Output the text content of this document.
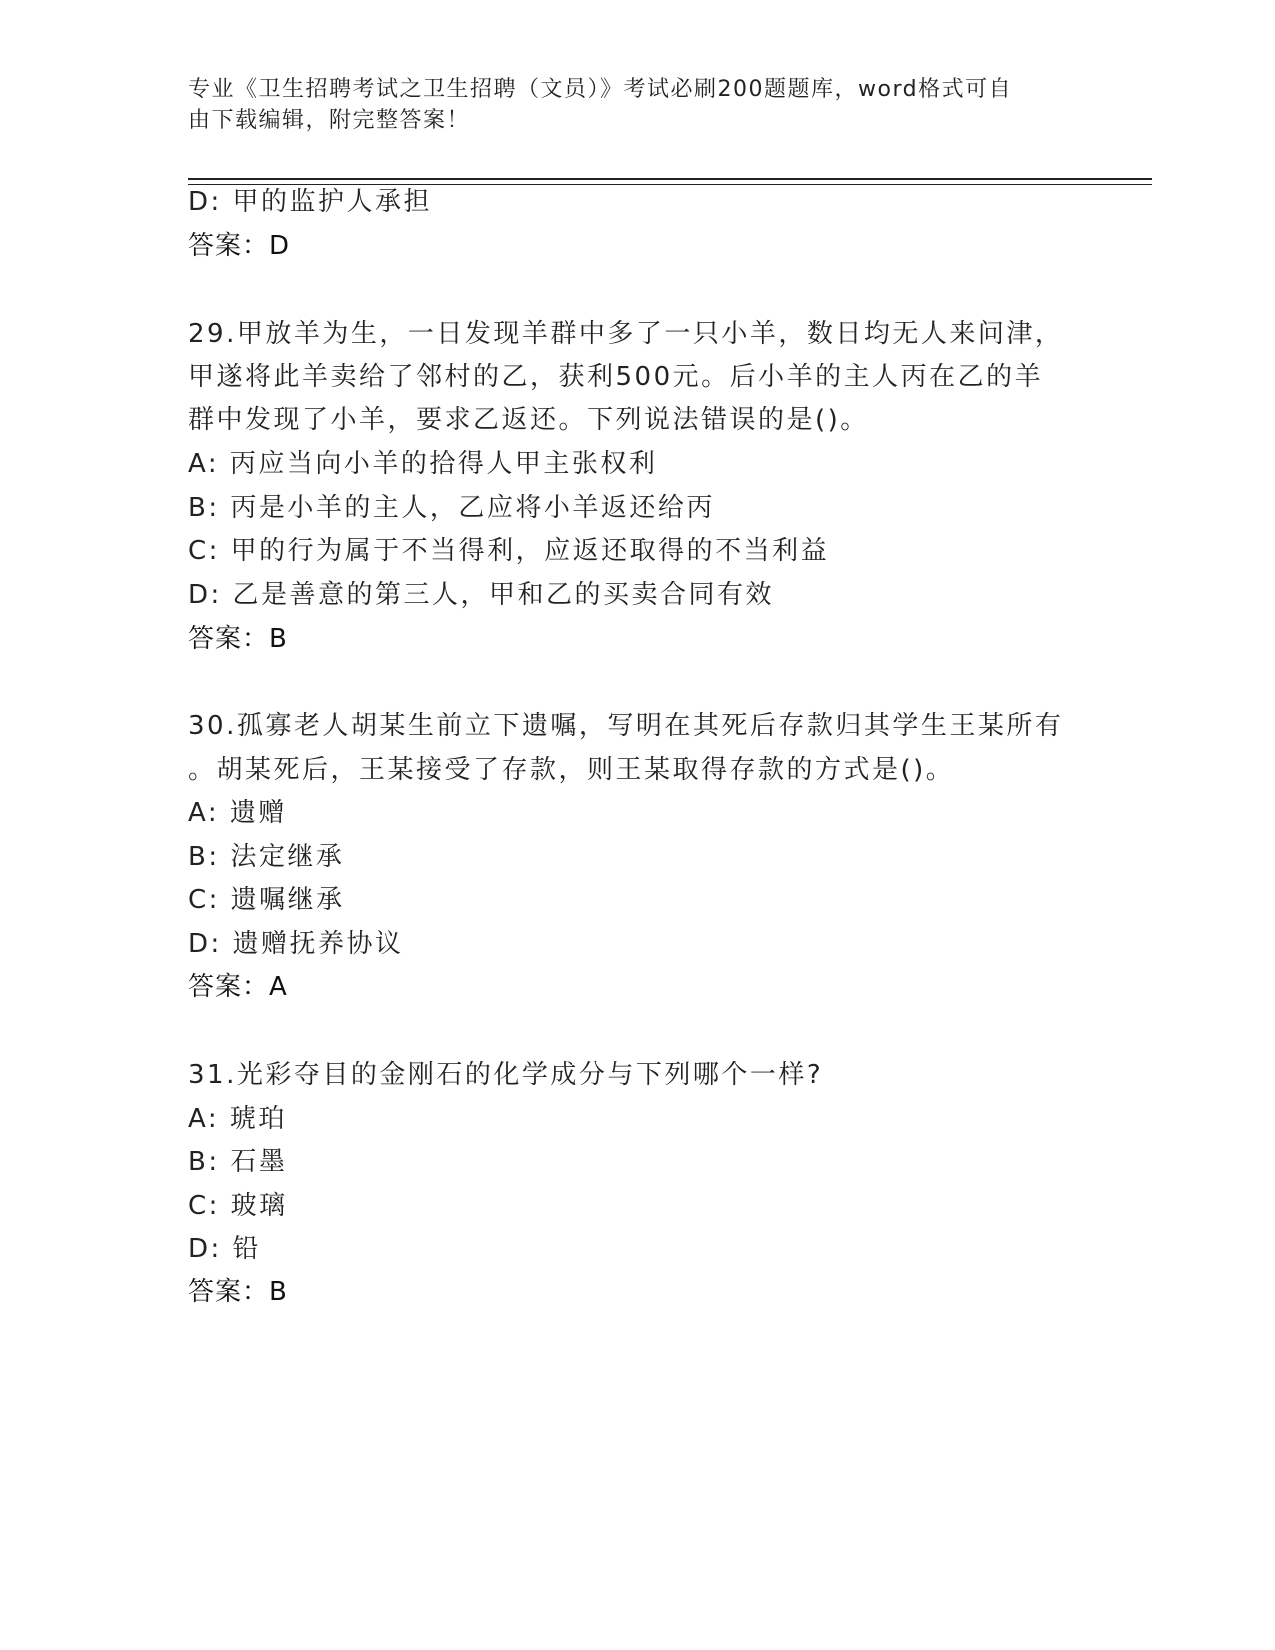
专业《卫生招聘考试之卫生招聘（文员）》考试必刷200题题库，word格式可自
由下载编辑，附完整答案！
D: 甲的监护人承担
答案：D
29.甲放羊为生，一日发现羊群中多了一只小羊，数日均无人来问津，
甲遂将此羊卖给了邻村的乙，获利500元。后小羊的主人丙在乙的羊
群中发现了小羊，要求乙返还。下列说法错误的是()。
A: 丙应当向小羊的拾得人甲主张权利
B: 丙是小羊的主人，乙应将小羊返还给丙
C: 甲的行为属于不当得利，应返还取得的不当利益
D: 乙是善意的第三人，甲和乙的买卖合同有效
答案：B
30.孤寡老人胡某生前立下遗嘱，写明在其死后存款归其学生王某所有
。胡某死后，王某接受了存款，则王某取得存款的方式是()。
A: 遗赠
B: 法定继承
C: 遗嘱继承
D: 遗赠抚养协议
答案：A
31.光彩夺目的金刚石的化学成分与下列哪个一样?
A: 琥珀
B: 石墨
C: 玻璃
D: 铅
答案：B
